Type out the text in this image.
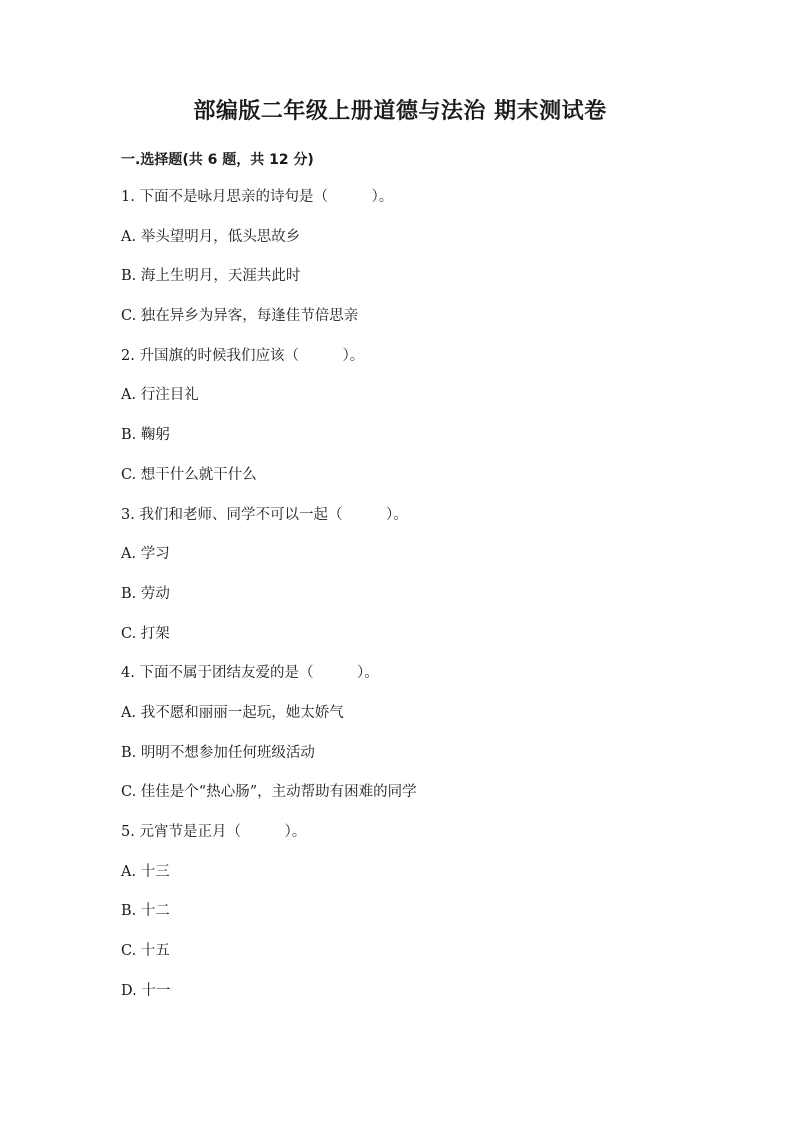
部编版二年级上册道德与法治 期末测试卷
一.选择题(共 6 题，共 12 分)
1. 下面不是咏月思亲的诗句是（　　　）。
A. 举头望明月，低头思故乡
B. 海上生明月，天涯共此时
C. 独在异乡为异客，每逢佳节倍思亲
2. 升国旗的时候我们应该（　　　）。
A. 行注目礼
B. 鞠躬
C. 想干什么就干什么
3. 我们和老师、同学不可以一起（　　　）。
A. 学习
B. 劳动
C. 打架
4. 下面不属于团结友爱的是（　　　）。
A. 我不愿和丽丽一起玩，她太娇气
B. 明明不想参加任何班级活动
C. 佳佳是个“热心肠”，主动帮助有困难的同学
5. 元宵节是正月（　　　）。
A. 十三
B. 十二
C. 十五
D. 十一
